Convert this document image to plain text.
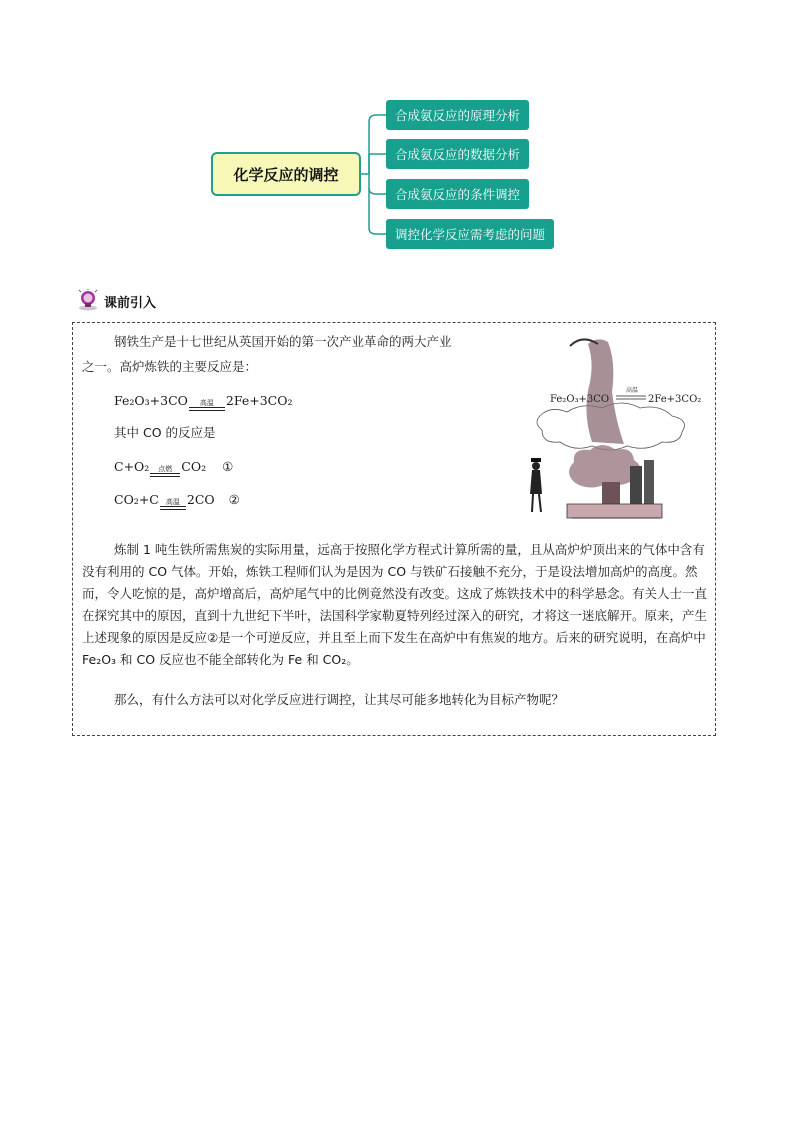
化学反应的调控
合成氨反应的原理分析
合成氨反应的数据分析
合成氨反应的条件调控
调控化学反应需考虑的问题
课前引入
钢铁生产是十七世纪从英国开始的第一次产业革命的两大产业
之一。高炉炼铁的主要反应是：
Fe₂O₃+3CO	高温 2Fe+3CO₂
其中 CO 的反应是
C+O₂	点燃 CO₂ ①
CO₂+C	高温 2CO ②
炼制 1 吨生铁所需焦炭的实际用量，远高于按照化学方程式计算所需的量，且从高炉炉顶出来的气体中含有没有利用的 CO 气体。开始，炼铁工程师们认为是因为 CO 与铁矿石接触不充分，于是设法增加高炉的高度。然而，令人吃惊的是，高炉增高后，高炉尾气中的比例竟然没有改变。这成了炼铁技术中的科学悬念。有关人士一直在探究其中的原因，直到十九世纪下半叶，法国科学家勒夏特列经过深入的研究，才将这一迷底解开。原来，产生上述现象的原因是反应②是一个可逆反应，并且至上而下发生在高炉中有焦炭的地方。后来的研究说明，在高炉中 Fe₂O₃ 和 CO 反应也不能全部转化为 Fe 和 CO₂。
那么，有什么方法可以对化学反应进行调控，让其尽可能多地转化为目标产物呢？
Fe₂O₃+3CO
高温
2Fe+3CO₂
